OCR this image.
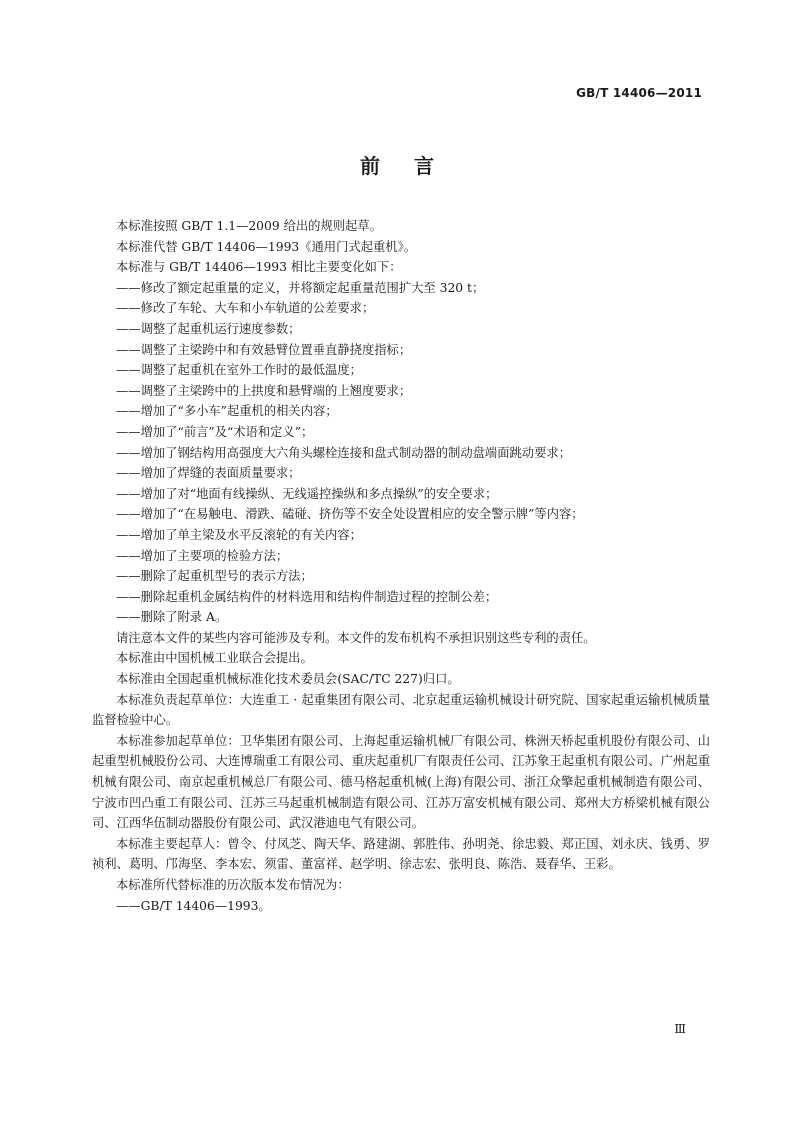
GB/T 14406—2011
前言

本标准按照 GB/T 1.1—2009 给出的规则起草。

本标准代替 GB/T 14406—1993《通用门式起重机》。

本标准与 GB/T 14406—1993 相比主要变化如下：

——修改了额定起重量的定义，并将额定起重量范围扩大至 320 t；

——修改了车轮、大车和小车轨道的公差要求；

——调整了起重机运行速度参数；

——调整了主梁跨中和有效悬臂位置垂直静挠度指标；

——调整了起重机在室外工作时的最低温度；

——调整了主梁跨中的上拱度和悬臂端的上翘度要求；

——增加了“多小车”起重机的相关内容；

——增加了“前言”及“术语和定义”；

——增加了钢结构用高强度大六角头螺栓连接和盘式制动器的制动盘端面跳动要求；

——增加了焊缝的表面质量要求；

——增加了对“地面有线操纵、无线遥控操纵和多点操纵”的安全要求；

——增加了“在易触电、滑跌、磕碰、挤伤等不安全处设置相应的安全警示牌”等内容；

——增加了单主梁及水平反滚轮的有关内容；

——增加了主要项的检验方法；

——删除了起重机型号的表示方法；

——删除起重机金属结构件的材料选用和结构件制造过程的控制公差；

——删除了附录 A。

请注意本文件的某些内容可能涉及专利。本文件的发布机构不承担识别这些专利的责任。

本标准由中国机械工业联合会提出。

本标准由全国起重机械标准化技术委员会(SAC/TC 227)归口。

本标准负责起草单位：大连重工 · 起重集团有限公司、北京起重运输机械设计研究院、国家起重运输机械质量监督检验中心。

本标准参加起草单位：卫华集团有限公司、上海起重运输机械厂有限公司、株洲天桥起重机股份有限公司、山起重型机械股份公司、大连博瑞重工有限公司、重庆起重机厂有限责任公司、江苏象王起重机有限公司、广州起重机械有限公司、南京起重机械总厂有限公司、德马格起重机械(上海)有限公司、浙江众擎起重机械制造有限公司、宁波市凹凸重工有限公司、江苏三马起重机械制造有限公司、江苏万富安机械有限公司、郑州大方桥梁机械有限公司、江西华伍制动器股份有限公司、武汉港迪电气有限公司。

本标准主要起草人：曾令、付凤芝、陶天华、路建湖、郭胜伟、孙明尧、徐忠毅、郑正国、刘永庆、钱勇、罗祯利、葛明、邝海坚、李本宏、须雷、董富祥、赵学明、徐志宏、张明良、陈浩、聂春华、王彩。

本标准所代替标准的历次版本发布情况为：

——GB/T 14406—1993。

Ⅲ
